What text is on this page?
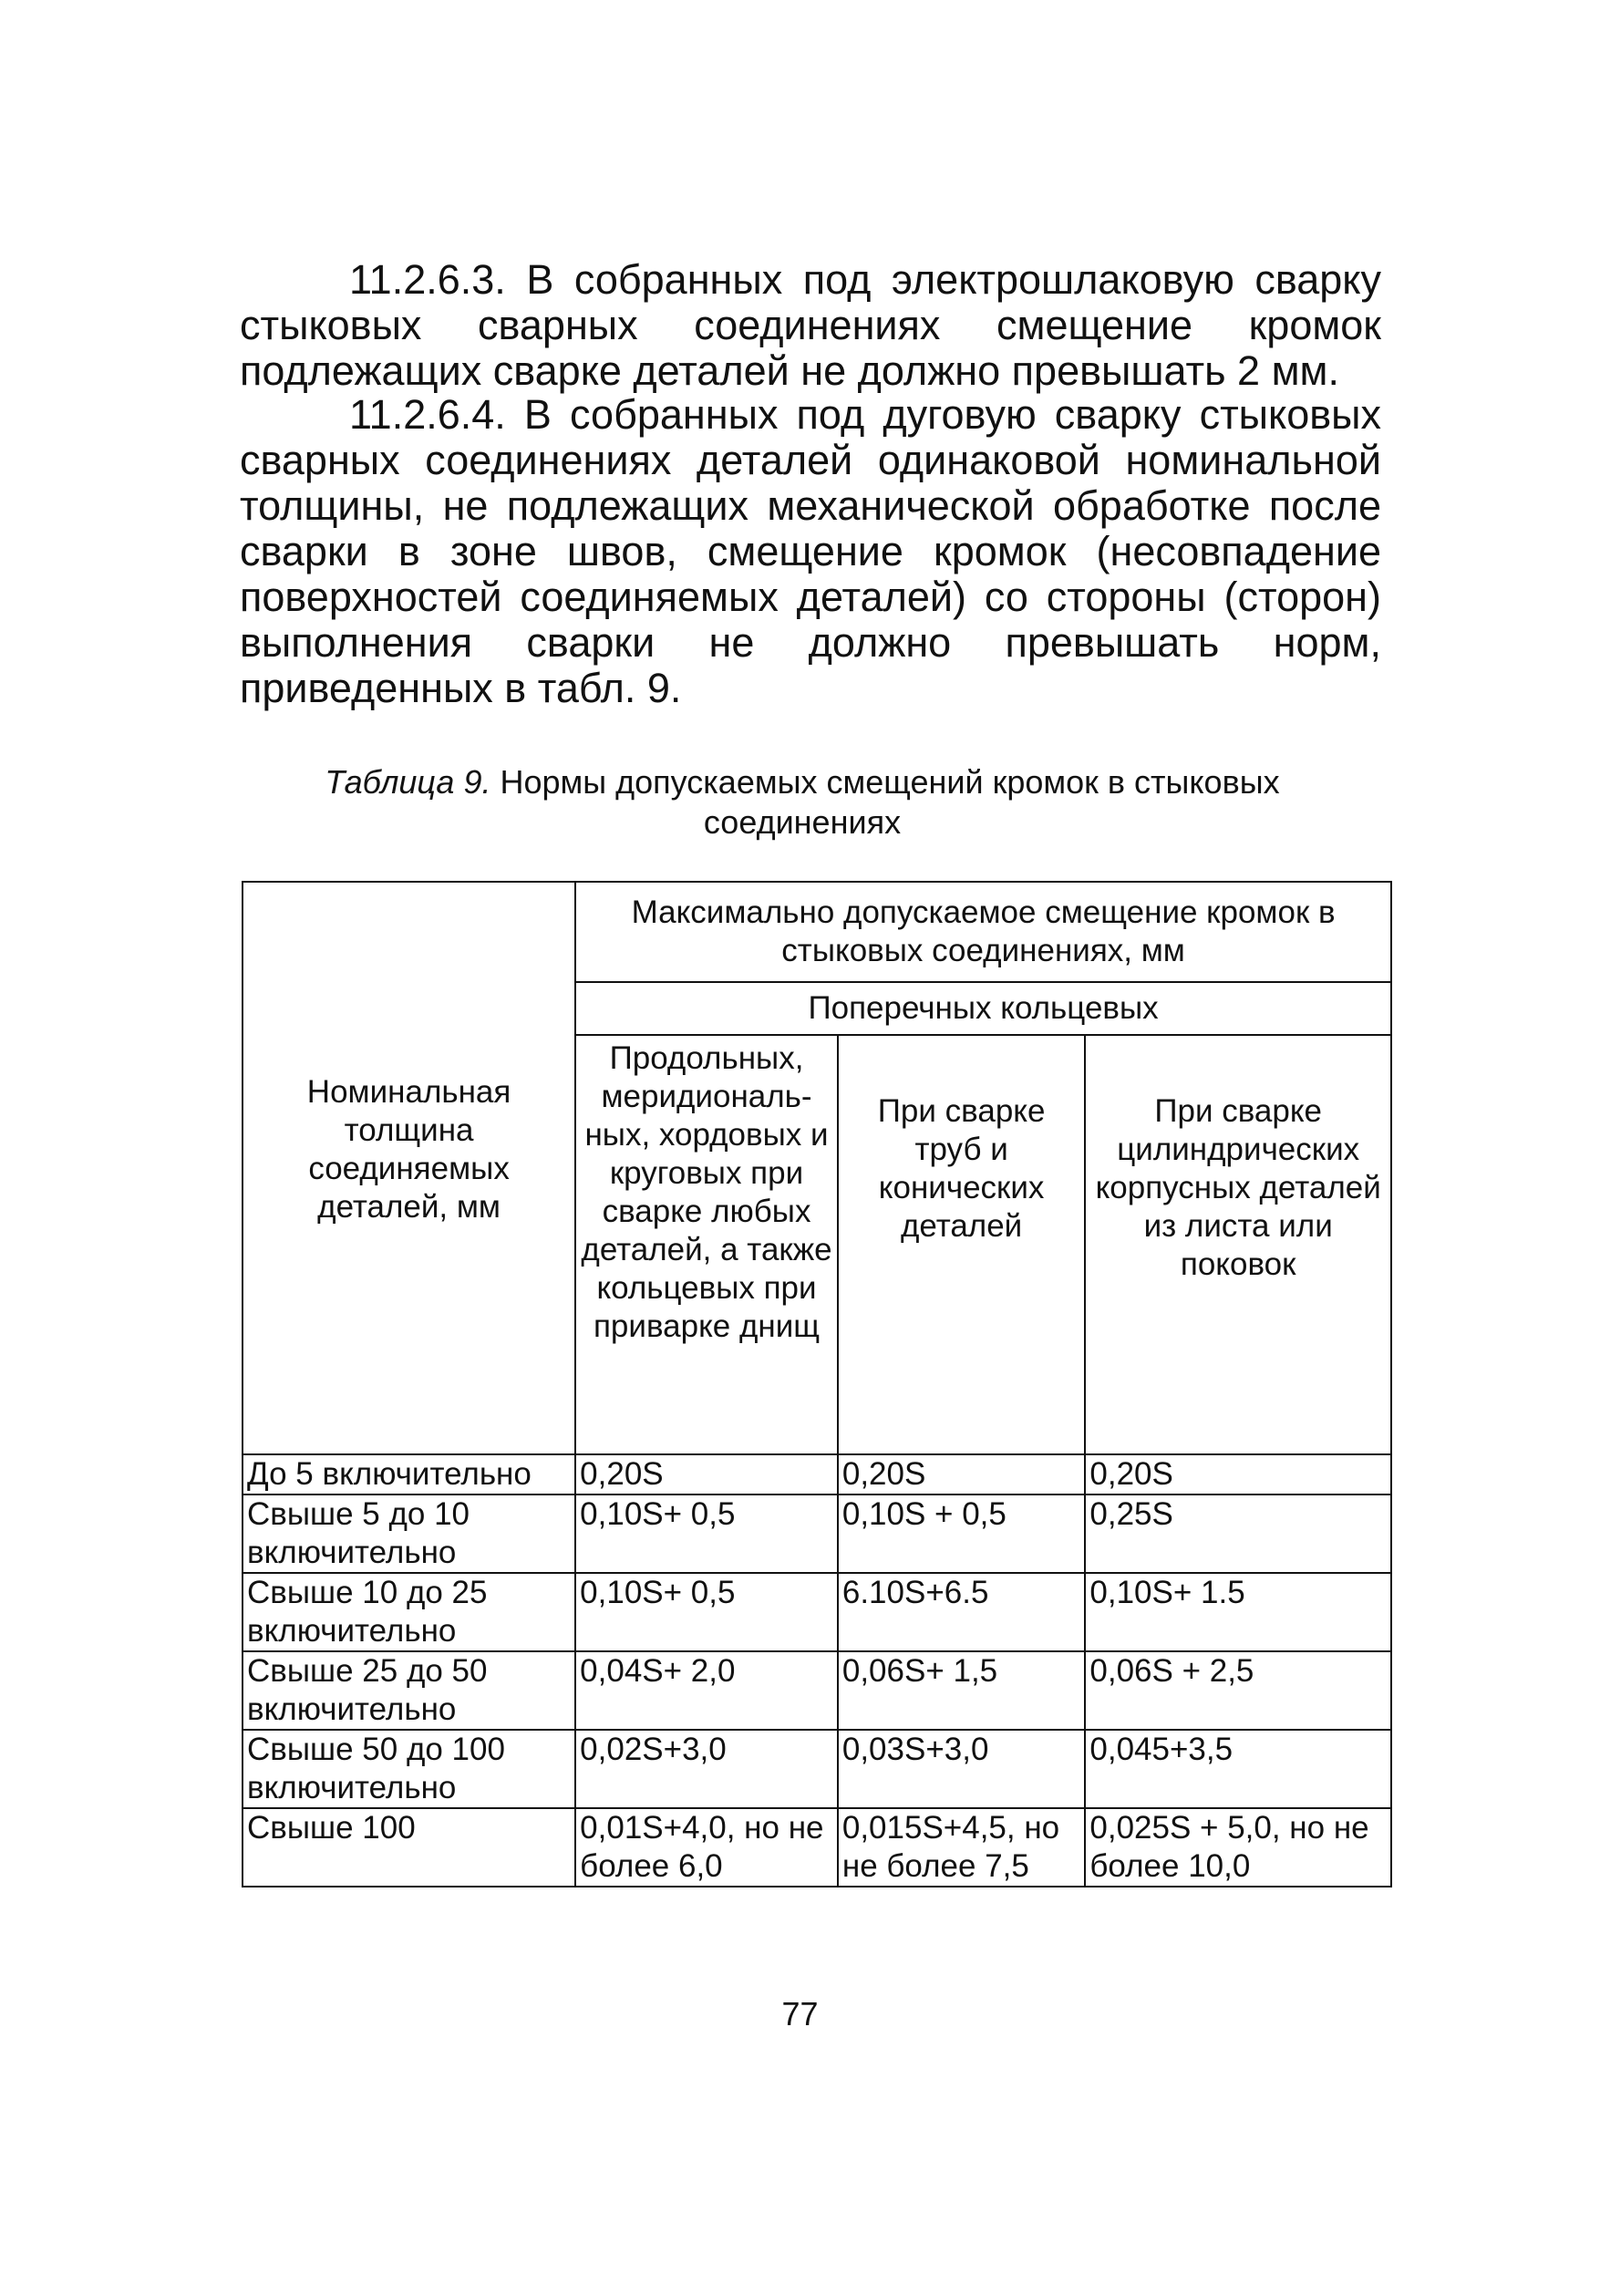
11.2.6.3. В собранных под электрошлаковую сварку стыковых сварных соединениях смещение кромок подлежащих сварке деталей не должно превышать 2 мм.

11.2.6.4. В собранных под дуговую сварку стыковых сварных соединениях деталей одинаковой номинальной толщины, не подлежащих механической обработке после сварки в зоне швов, смещение кромок (несовпадение поверхностей соединяемых деталей) со стороны (сторон) выполнения сварки не должно превышать норм, приведенных в табл. 9.

Таблица 9. Нормы допускаемых смещений кромок в стыковых соединениях
Номинальная толщина соединяемых деталей, мм	Максимально допускаемое смещение кромок в стыковых соединениях, мм		
	Поперечных кольцевых		
	Продольных, меридиональ-ных, хордовых и круговых при сварке любых деталей, а также кольцевых при приварке днищ	При сварке труб и конических деталей	При сварке цилиндрических корпусных деталей из листа или поковок
До 5 включительно	0,20S	0,20S	0,20S
Свыше 5 до 10 включительно	0,10S+ 0,5	0,10S + 0,5	0,25S
Свыше 10 до 25 включительно	0,10S+ 0,5	6.10S+6.5	0,10S+ 1.5
Свыше 25 до 50 включительно	0,04S+ 2,0	0,06S+ 1,5	0,06S + 2,5
Свыше 50 до 100 включительно	0,02S+3,0	0,03S+3,0	0,045+3,5
Свыше 100	0,01S+4,0, но не более 6,0	0,015S+4,5, но не более 7,5	0,025S + 5,0, но не более 10,0
77
